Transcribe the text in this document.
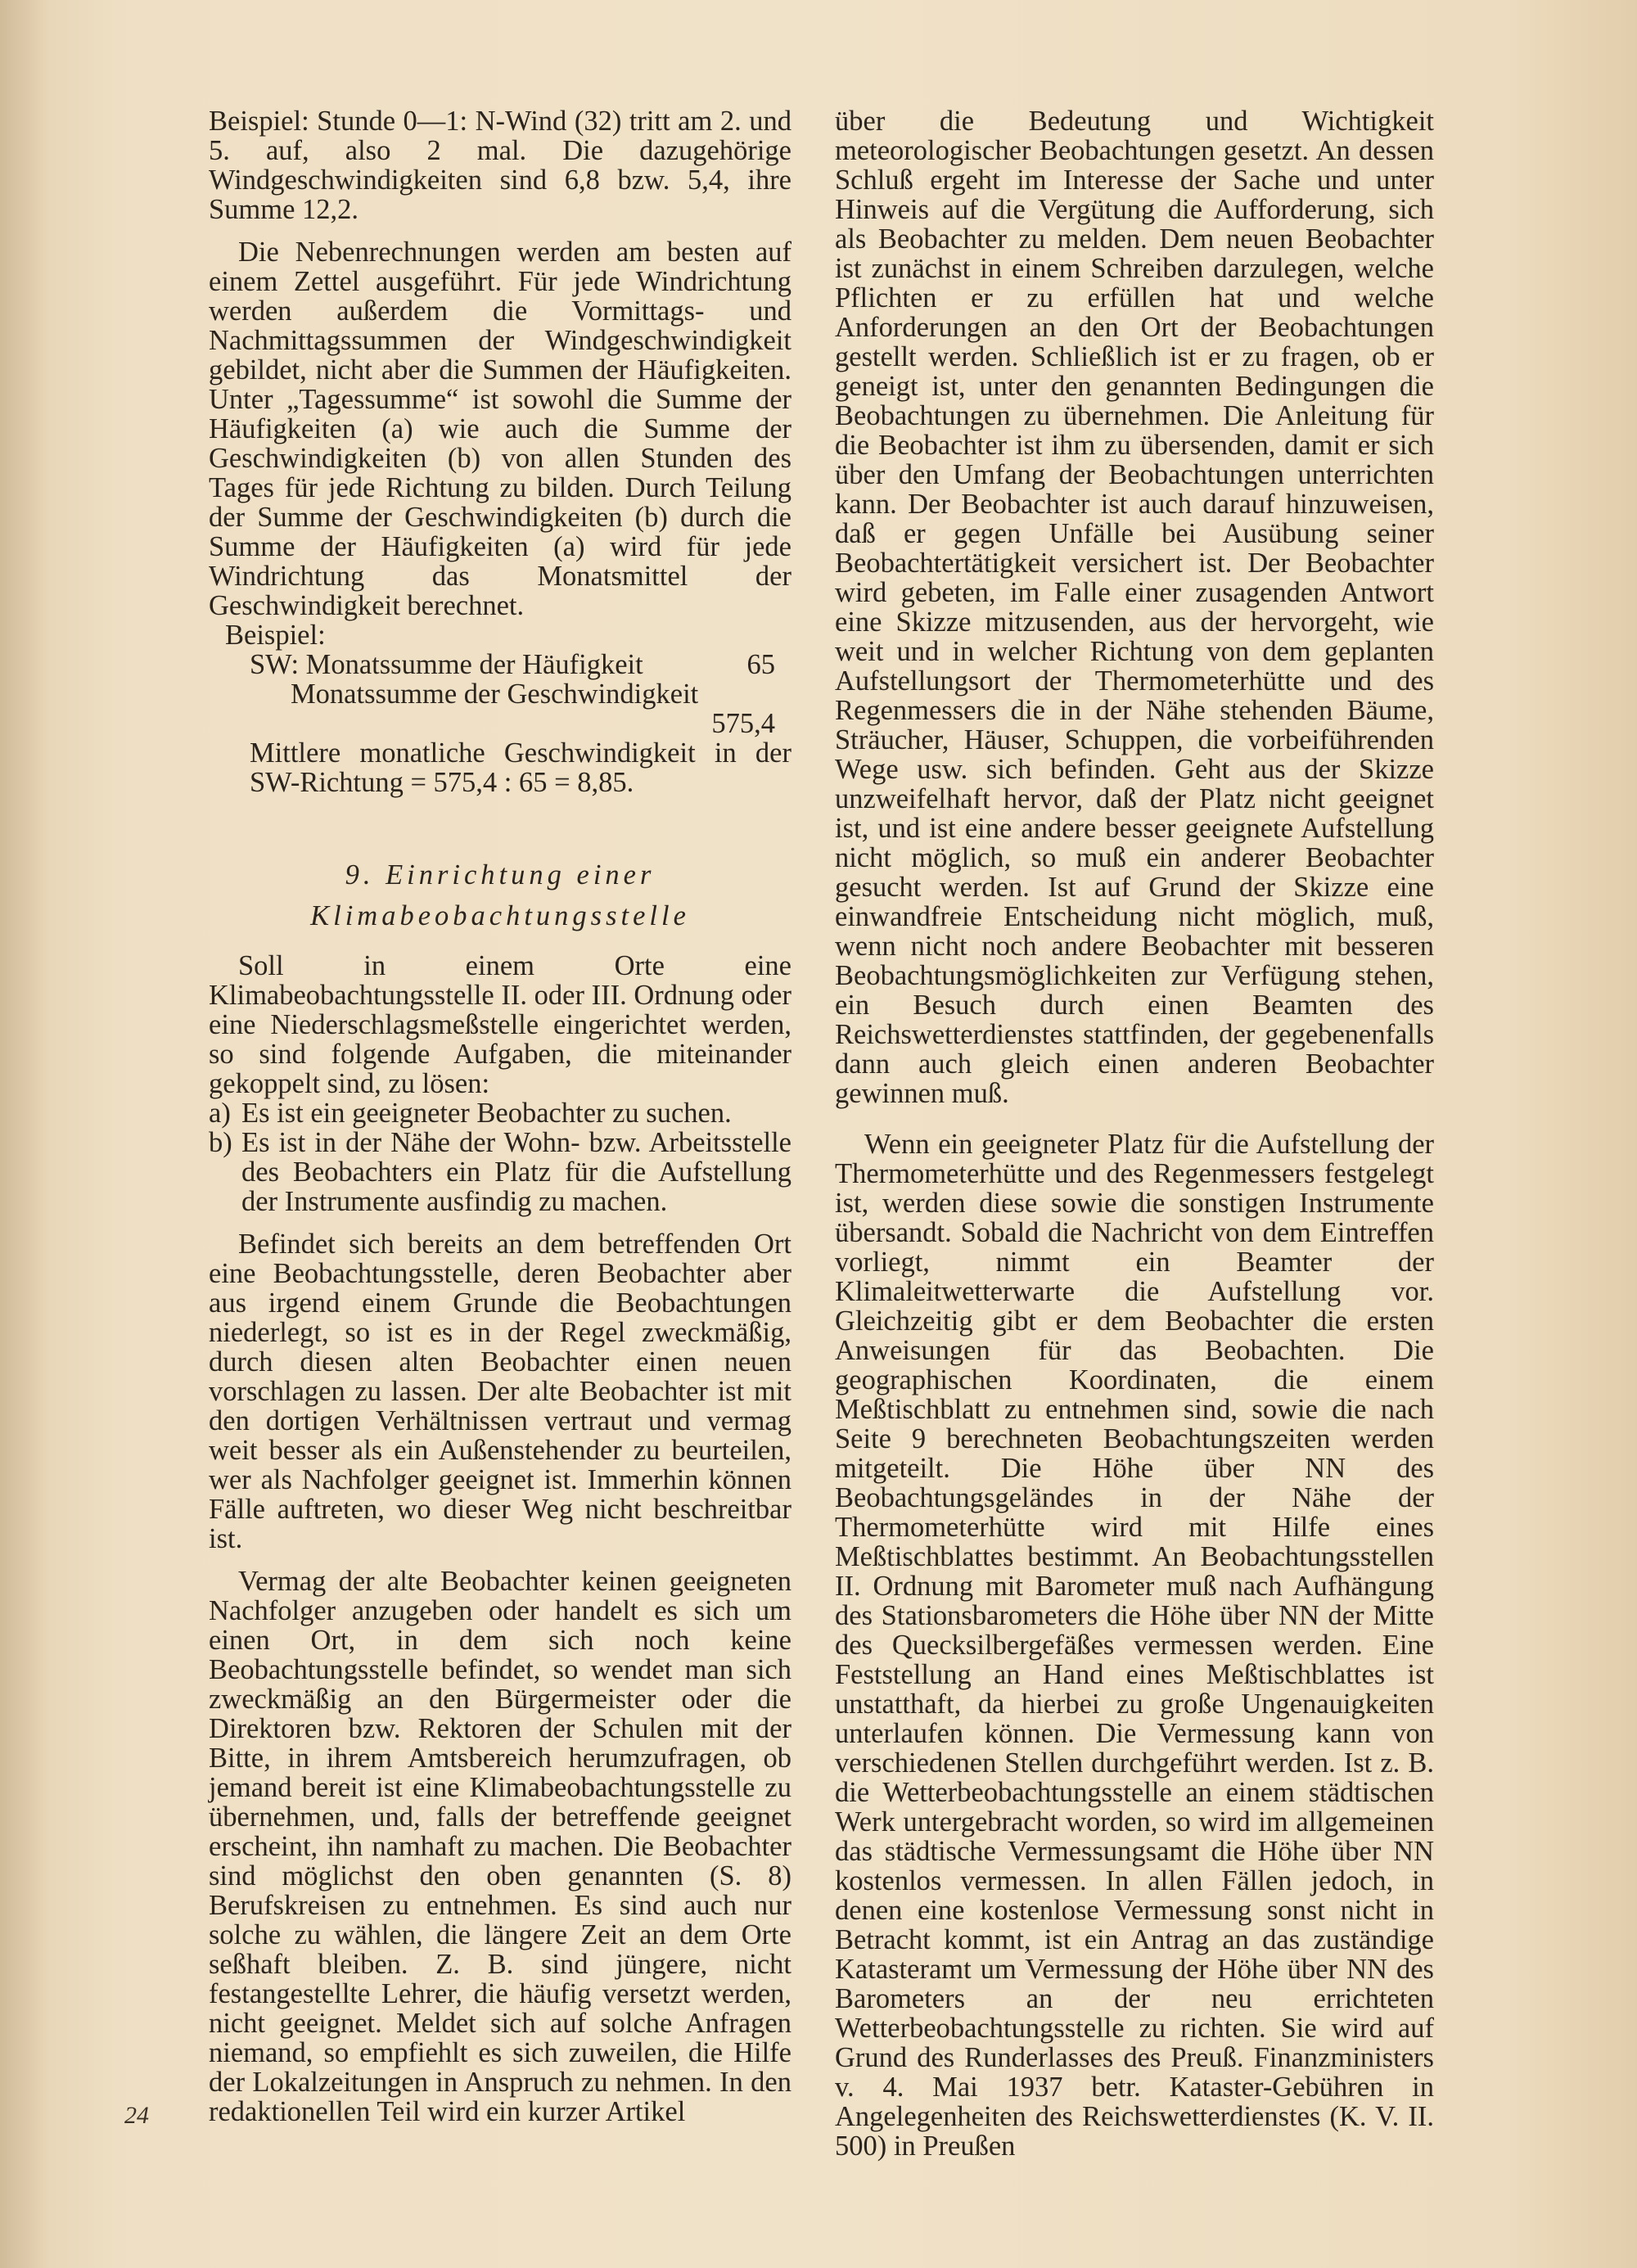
Beispiel: Stunde 0—1: N-Wind (32) tritt am 2. und 5. auf, also 2 mal. Die dazugehörige Windgeschwindigkeiten sind 6,8 bzw. 5,4, ihre Summe 12,2.

Die Nebenrechnungen werden am besten auf einem Zettel ausgeführt. Für jede Windrichtung werden außerdem die Vormittags- und Nachmittagssummen der Windgeschwindigkeit gebildet, nicht aber die Summen der Häufigkeiten. Unter „Tagessumme“ ist sowohl die Summe der Häufigkeiten (a) wie auch die Summe der Geschwindigkeiten (b) von allen Stunden des Tages für jede Richtung zu bilden. Durch Teilung der Summe der Geschwindigkeiten (b) durch die Summe der Häufigkeiten (a) wird für jede Windrichtung das Monatsmittel der Geschwindigkeit berechnet.

Beispiel:

SW: Monatssumme der Häufigkeit	65

Monatssumme der Geschwindigkeit

575,4

Mittlere monatliche Geschwindigkeit in der SW-Richtung = 575,4 : 65 = 8,85.

9. Einrichtung einer
Klimabeobachtungsstelle

Soll in einem Orte eine Klimabeobachtungsstelle II. oder III. Ordnung oder eine Niederschlagsmeßstelle eingerichtet werden, so sind folgende Aufgaben, die miteinander gekoppelt sind, zu lösen:

a) Es ist ein geeigneter Beobachter zu suchen.
b) Es ist in der Nähe der Wohn- bzw. Arbeitsstelle des Beobachters ein Platz für die Aufstellung der Instrumente ausfindig zu machen.

Befindet sich bereits an dem betreffenden Ort eine Beobachtungsstelle, deren Beobachter aber aus irgend einem Grunde die Beobachtungen niederlegt, so ist es in der Regel zweckmäßig, durch diesen alten Beobachter einen neuen vorschlagen zu lassen. Der alte Beobachter ist mit den dortigen Verhältnissen vertraut und vermag weit besser als ein Außenstehender zu beurteilen, wer als Nachfolger geeignet ist. Immerhin können Fälle auftreten, wo dieser Weg nicht beschreitbar ist.

Vermag der alte Beobachter keinen geeigneten Nachfolger anzugeben oder handelt es sich um einen Ort, in dem sich noch keine Beobachtungsstelle befindet, so wendet man sich zweckmäßig an den Bürgermeister oder die Direktoren bzw. Rektoren der Schulen mit der Bitte, in ihrem Amtsbereich herumzufragen, ob jemand bereit ist eine Klimabeobachtungsstelle zu übernehmen, und, falls der betreffende geeignet erscheint, ihn namhaft zu machen. Die Beobachter sind möglichst den oben genannten (S. 8) Berufskreisen zu entnehmen. Es sind auch nur solche zu wählen, die längere Zeit an dem Orte seßhaft bleiben. Z. B. sind jüngere, nicht festangestellte Lehrer, die häufig versetzt werden, nicht geeignet. Meldet sich auf solche Anfragen niemand, so empfiehlt es sich zuweilen, die Hilfe der Lokalzeitungen in Anspruch zu nehmen. In den redaktionellen Teil wird ein kurzer Artikel

über die Bedeutung und Wichtigkeit meteorologischer Beobachtungen gesetzt. An dessen Schluß ergeht im Interesse der Sache und unter Hinweis auf die Vergütung die Aufforderung, sich als Beobachter zu melden. Dem neuen Beobachter ist zunächst in einem Schreiben darzulegen, welche Pflichten er zu erfüllen hat und welche Anforderungen an den Ort der Beobachtungen gestellt werden. Schließlich ist er zu fragen, ob er geneigt ist, unter den genannten Bedingungen die Beobachtungen zu übernehmen. Die Anleitung für die Beobachter ist ihm zu übersenden, damit er sich über den Umfang der Beobachtungen unterrichten kann. Der Beobachter ist auch darauf hinzuweisen, daß er gegen Unfälle bei Ausübung seiner Beobachtertätigkeit versichert ist. Der Beobachter wird gebeten, im Falle einer zusagenden Antwort eine Skizze mitzusenden, aus der hervorgeht, wie weit und in welcher Richtung von dem geplanten Aufstellungsort der Thermometerhütte und des Regenmessers die in der Nähe stehenden Bäume, Sträucher, Häuser, Schuppen, die vorbeiführenden Wege usw. sich befinden. Geht aus der Skizze unzweifelhaft hervor, daß der Platz nicht geeignet ist, und ist eine andere besser geeignete Aufstellung nicht möglich, so muß ein anderer Beobachter gesucht werden. Ist auf Grund der Skizze eine einwandfreie Entscheidung nicht möglich, muß, wenn nicht noch andere Beobachter mit besseren Beobachtungsmöglichkeiten zur Verfügung stehen, ein Besuch durch einen Beamten des Reichswetterdienstes stattfinden, der gegebenenfalls dann auch gleich einen anderen Beobachter gewinnen muß.

Wenn ein geeigneter Platz für die Aufstellung der Thermometerhütte und des Regenmessers festgelegt ist, werden diese sowie die sonstigen Instrumente übersandt. Sobald die Nachricht von dem Eintreffen vorliegt, nimmt ein Beamter der Klimaleitwetterwarte die Aufstellung vor. Gleichzeitig gibt er dem Beobachter die ersten Anweisungen für das Beobachten. Die geographischen Koordinaten, die einem Meßtischblatt zu entnehmen sind, sowie die nach Seite 9 berechneten Beobachtungszeiten werden mitgeteilt. Die Höhe über NN des Beobachtungsgeländes in der Nähe der Thermometerhütte wird mit Hilfe eines Meßtischblattes bestimmt. An Beobachtungsstellen II. Ordnung mit Barometer muß nach Aufhängung des Stationsbarometers die Höhe über NN der Mitte des Quecksilbergefäßes vermessen werden. Eine Feststellung an Hand eines Meßtischblattes ist unstatthaft, da hierbei zu große Ungenauigkeiten unterlaufen können. Die Vermessung kann von verschiedenen Stellen durchgeführt werden. Ist z. B. die Wetterbeobachtungsstelle an einem städtischen Werk untergebracht worden, so wird im allgemeinen das städtische Vermessungsamt die Höhe über NN kostenlos vermessen. In allen Fällen jedoch, in denen eine kostenlose Vermessung sonst nicht in Betracht kommt, ist ein Antrag an das zuständige Katasteramt um Vermessung der Höhe über NN des Barometers an der neu errichteten Wetterbeobachtungsstelle zu richten. Sie wird auf Grund des Runderlasses des Preuß. Finanzministers v. 4. Mai 1937 betr. Kataster-Gebühren in Angelegenheiten des Reichswetterdienstes (K. V. II. 500) in Preußen

24
